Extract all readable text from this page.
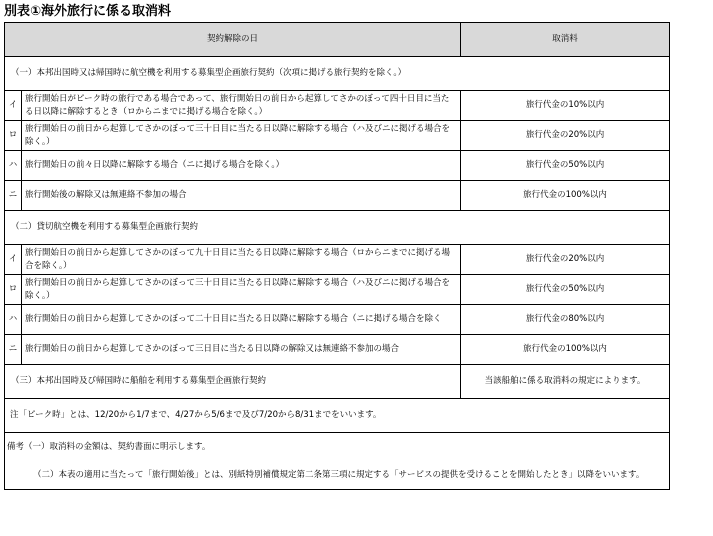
別表①海外旅行に係る取消料
契約解除の日		取消料
（一）本邦出国時又は帰国時に航空機を利用する募集型企画旅行契約（次項に掲げる旅行契約を除く。）		
イ	旅行開始日がピーク時の旅行である場合であって、旅行開始日の前日から起算してさかのぼって四十日目に当たる日以降に解除するとき（ロからニまでに掲げる場合を除く。）	旅行代金の10%以内
ロ	旅行開始日の前日から起算してさかのぼって三十日目に当たる日以降に解除する場合（ハ及びニに掲げる場合を除く。）	旅行代金の20%以内
ハ	旅行開始日の前々日以降に解除する場合（ニに掲げる場合を除く。）	旅行代金の50%以内
ニ	旅行開始後の解除又は無連絡不参加の場合	旅行代金の100%以内
（二）貸切航空機を利用する募集型企画旅行契約		
イ	旅行開始日の前日から起算してさかのぼって九十日目に当たる日以降に解除する場合（ロからニまでに掲げる場合を除く。）	旅行代金の20%以内
ロ	旅行開始日の前日から起算してさかのぼって三十日目に当たる日以降に解除する場合（ハ及びニに掲げる場合を除く。）	旅行代金の50%以内
ハ	旅行開始日の前日から起算してさかのぼって二十日目に当たる日以降に解除する場合（ニに掲げる場合を除く	旅行代金の80%以内
ニ	旅行開始日の前日から起算してさかのぼって三日目に当たる日以降の解除又は無連絡不参加の場合	旅行代金の100%以内
（三）本邦出国時及び帰国時に船舶を利用する募集型企画旅行契約		当該船舶に係る取消料の規定によります。
注「ピーク時」とは、12/20から1/7まで、4/27から5/6まで及び7/20から8/31までをいいます。		
備考（一）取消料の金額は、契約書面に明示します。		
（二）本表の適用に当たって「旅行開始後」とは、別紙特別補償規定第二条第三項に規定する「サービスの提供を受けることを開始したとき」以降をいいます。		
